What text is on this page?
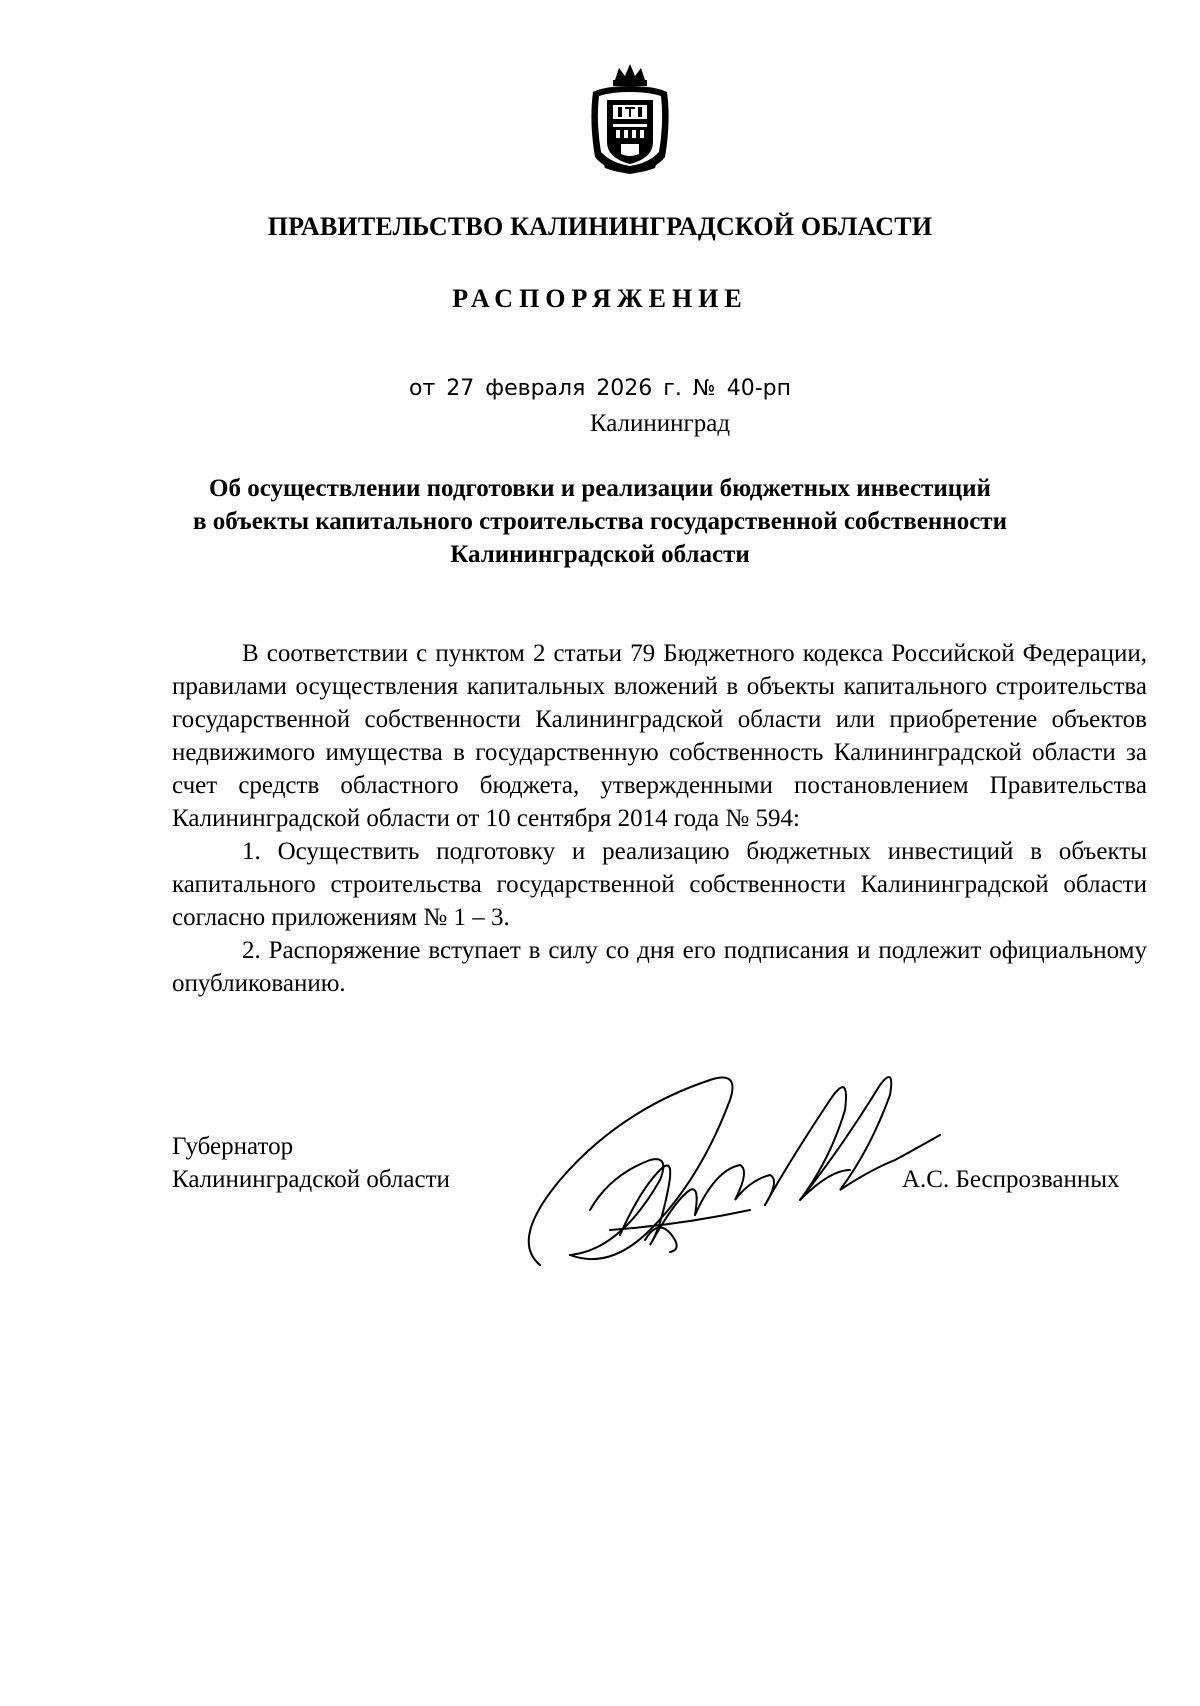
ПРАВИТЕЛЬСТВО КАЛИНИНГРАДСКОЙ ОБЛАСТИ
РАСПОРЯЖЕНИЕ
от 27 февраля 2026 г. № 40-рп
Калининград
Об осуществлении подготовки и реализации бюджетных инвестиций
в объекты капитального строительства государственной собственности
Калининградской области

В соответствии с пунктом 2 статьи 79 Бюджетного кодекса Российской Федерации, правилами осуществления капитальных вложений в объекты капитального строительства государственной собственности Калининградской области или приобретение объектов недвижимого имущества в государственную собственность Калининградской области за счет средств областного бюджета, утвержденными постановлением Правительства Калининградской области от 10 сентября 2014 года № 594:

1. Осуществить подготовку и реализацию бюджетных инвестиций в объекты капитального строительства государственной собственности Калининградской области согласно приложениям № 1 – 3.

2. Распоряжение вступает в силу со дня его подписания и подлежит официальному опубликованию.

Губернатор
Калининградской области	А.С. Беспрозванных
